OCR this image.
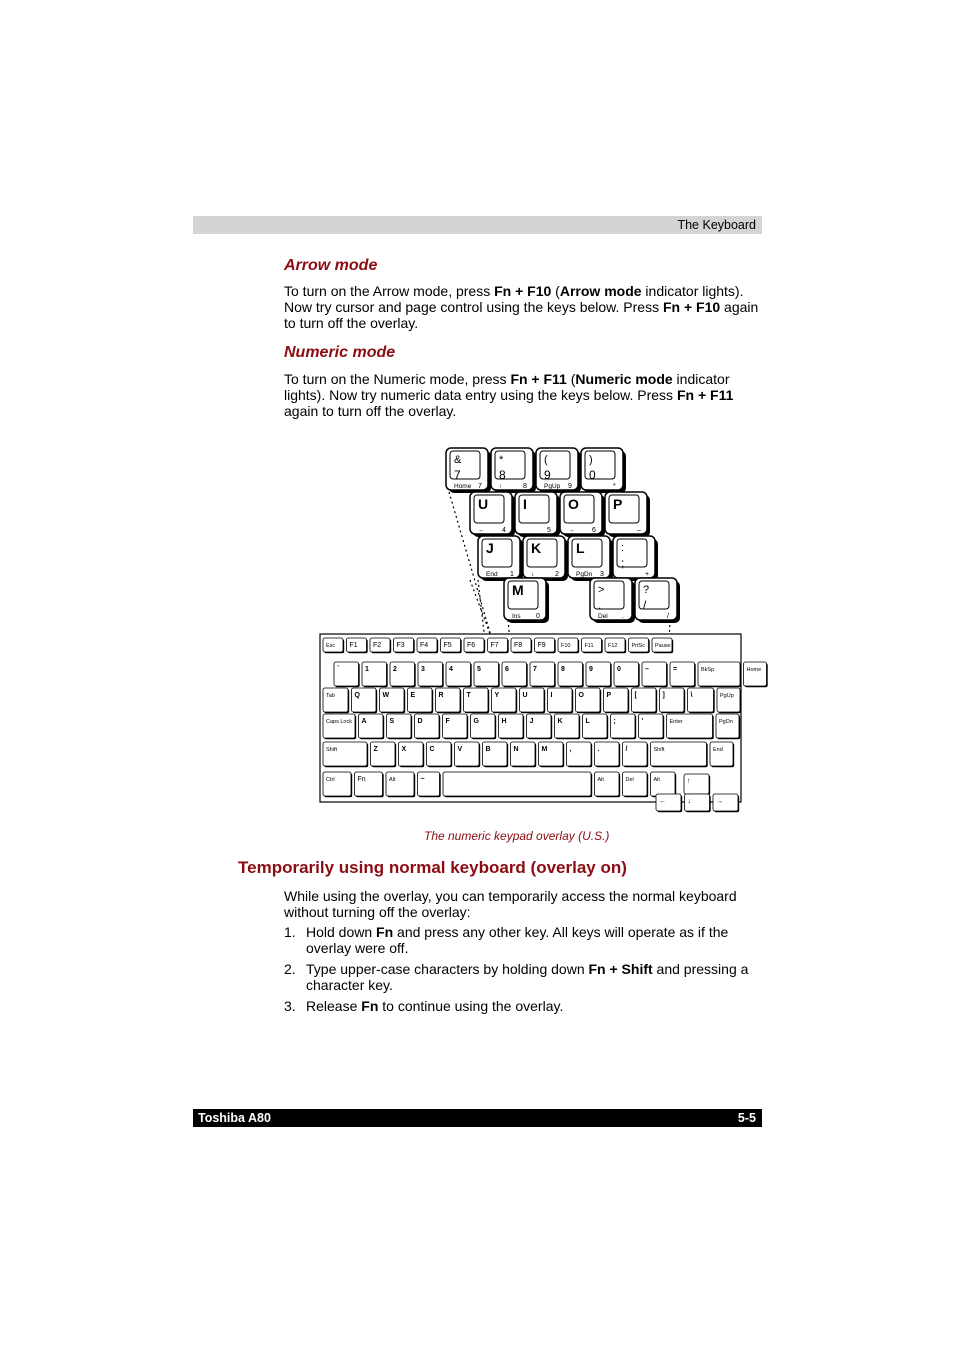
The Keyboard
Arrow mode

To turn on the Arrow mode, press Fn + F10 (Arrow mode indicator lights). Now try cursor and page control using the keys below. Press Fn + F10 again to turn off the overlay.

Numeric mode

To turn on the Numeric mode, press Fn + F11 (Numeric mode indicator lights). Now try numeric data entry using the keys below. Press Fn + F11 again to turn off the overlay.

&
7
Home 7
*
8
↑	8
(
9
PgUp 9
)
0
*
U
←	4
I
5
O
→	6
P
–
J
End 1
K
↓	2
L
PgDn 3
:
;
+
M
Ins 0
>
.
Del .
?
/
/
Esc F1 F2 F3 F4 F5 F6 F7 F8 F9	F10	F11	F12	PrtSc Pause
`	1	2	3	4	5	6	7	8	9	0	–	=	BkSp	Home
Tab	Q	W	E	R	T	Y	U	I	O	P	[	]	\	PgUp
Caps Lock A	S	D	F	G	H	J	K	L	;	'	Enter	PgDn
Shift	Z	X	C	V	B	N	M	,	.	/	Shift	End
Ctrl	Fn	Alt	~	Alt	Del	Alt	↑
←	↓	→
The numeric keypad overlay (U.S.)
Temporarily using normal keyboard (overlay on)

While using the overlay, you can temporarily access the normal keyboard without turning off the overlay:

1. Hold down Fn and press any other key. All keys will operate as if the overlay were off.
2. Type upper-case characters by holding down Fn + Shift and pressing a character key.
3. Release Fn to continue using the overlay.
Toshiba A80	5-5
